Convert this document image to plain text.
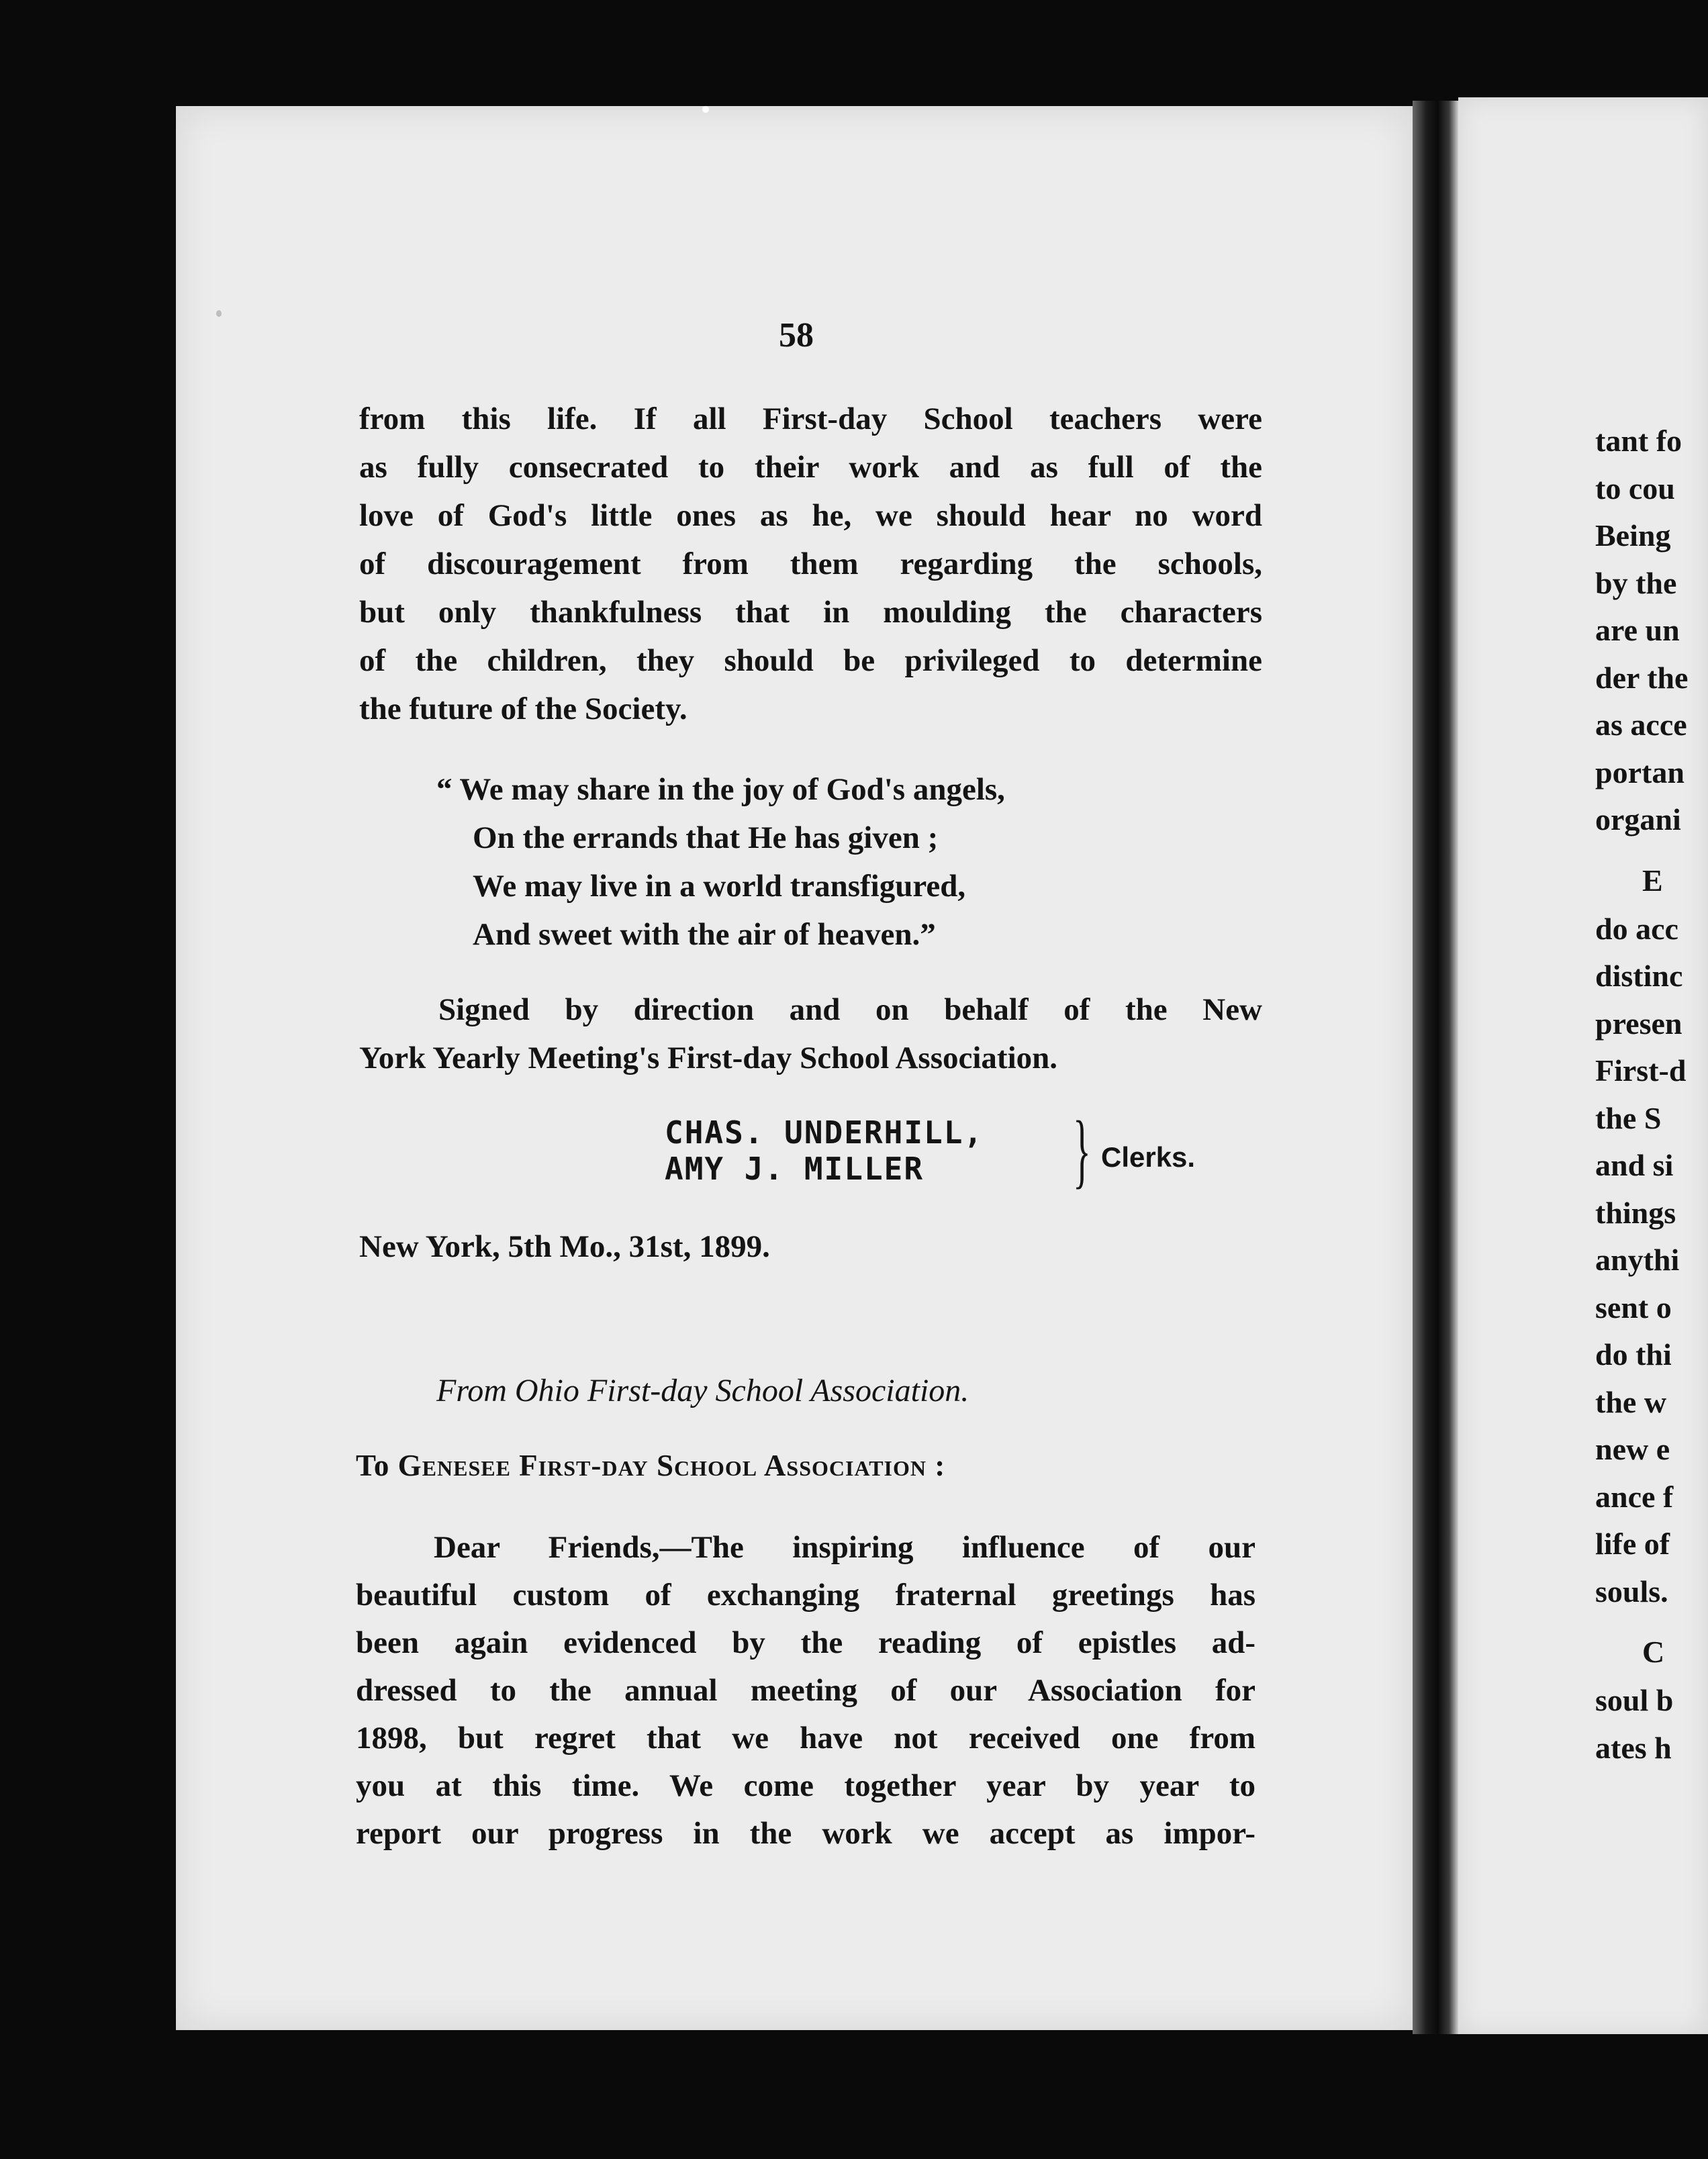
58
from this life. If all First-day School teachers were
as fully consecrated to their work and as full of the
love of God's little ones as he, we should hear no word
of discouragement from them regarding the schools,
but only thankfulness that in moulding the characters
of the children, they should be privileged to determine
the future of the Society.
“ We may share in the joy of God's angels,
On the errands that He has given ;
We may live in a world transfigured,
And sweet with the air of heaven.”
Signed by direction and on behalf of the New
York Yearly Meeting's First-day School Association.
CHAS. UNDERHILL,
AMY J. MILLER	} Clerks.
New York, 5th Mo., 31st, 1899.
From Ohio First-day School Association.
To Genesee First-day School Association :
Dear Friends,—The inspiring influence of our
beautiful custom of exchanging fraternal greetings has
been again evidenced by the reading of epistles ad-
dressed to the annual meeting of our Association for
1898, but regret that we have not received one from
you at this time. We come together year by year to
report our progress in the work we accept as impor-
tant fo
to cou
Being
by the
are un
der the
as acce
portan
organi
E
do acc
distinc
presen
First-d
the S
and si
things
anythi
sent o
do thi
the w
new e
ance f
life of
souls.
C
soul b
ates h
